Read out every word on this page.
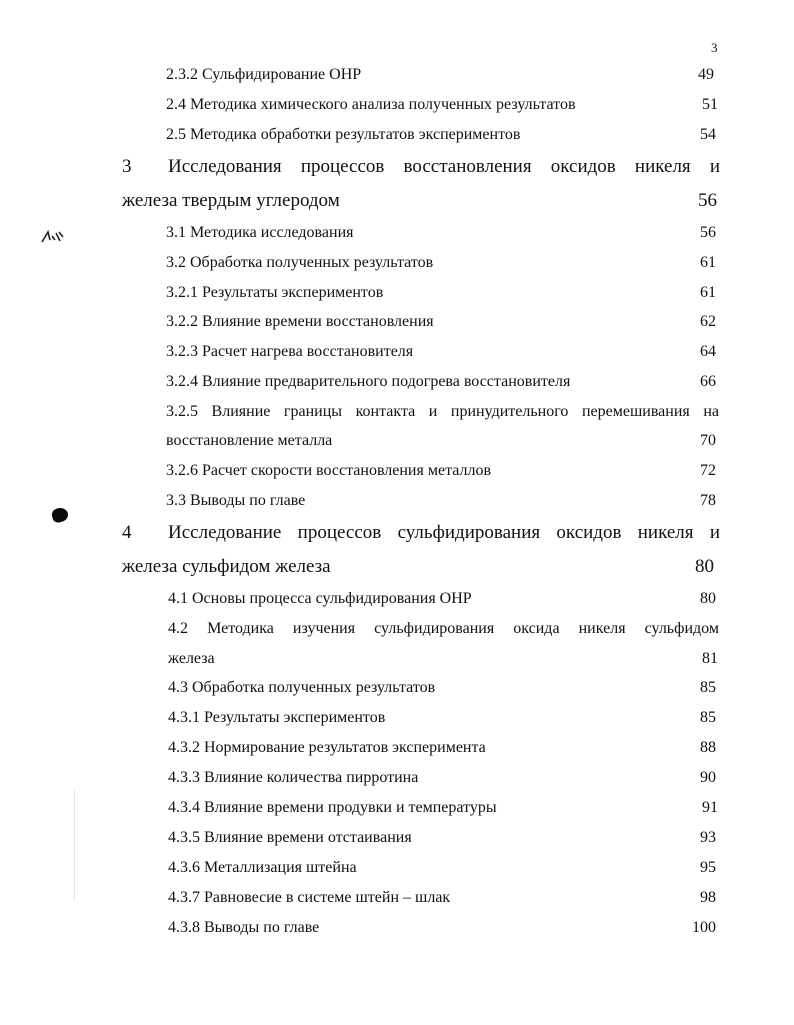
3
2.3.2 Сульфидирование ОНР	49
2.4 Методика химического анализа полученных результатов	51
2.5 Методика обработки результатов экспериментов	54
3 Исследования процессов восстановления оксидов никеля и
железа твердым углеродом	56
3.1 Методика исследования	56
3.2 Обработка полученных результатов	61
3.2.1 Результаты экспериментов	61
3.2.2 Влияние времени восстановления	62
3.2.3 Расчет нагрева восстановителя	64
3.2.4 Влияние предварительного подогрева восстановителя	66
3.2.5 Влияние границы контакта и принудительного перемешивания на
восстановление металла	70
3.2.6 Расчет скорости восстановления металлов	72
3.3 Выводы по главе	78
4 Исследование процессов сульфидирования оксидов никеля и
железа сульфидом железа	80
4.1 Основы процесса сульфидирования ОНР	80
4.2 Методика изучения сульфидирования оксида никеля сульфидом
железа	81
4.3 Обработка полученных результатов	85
4.3.1 Результаты экспериментов	85
4.3.2 Нормирование результатов эксперимента	88
4.3.3 Влияние количества пирротина	90
4.3.4 Влияние времени продувки и температуры	91
4.3.5 Влияние времени отстаивания	93
4.3.6 Металлизация штейна	95
4.3.7 Равновесие в системе штейн – шлак	98
4.3.8 Выводы по главе	100
